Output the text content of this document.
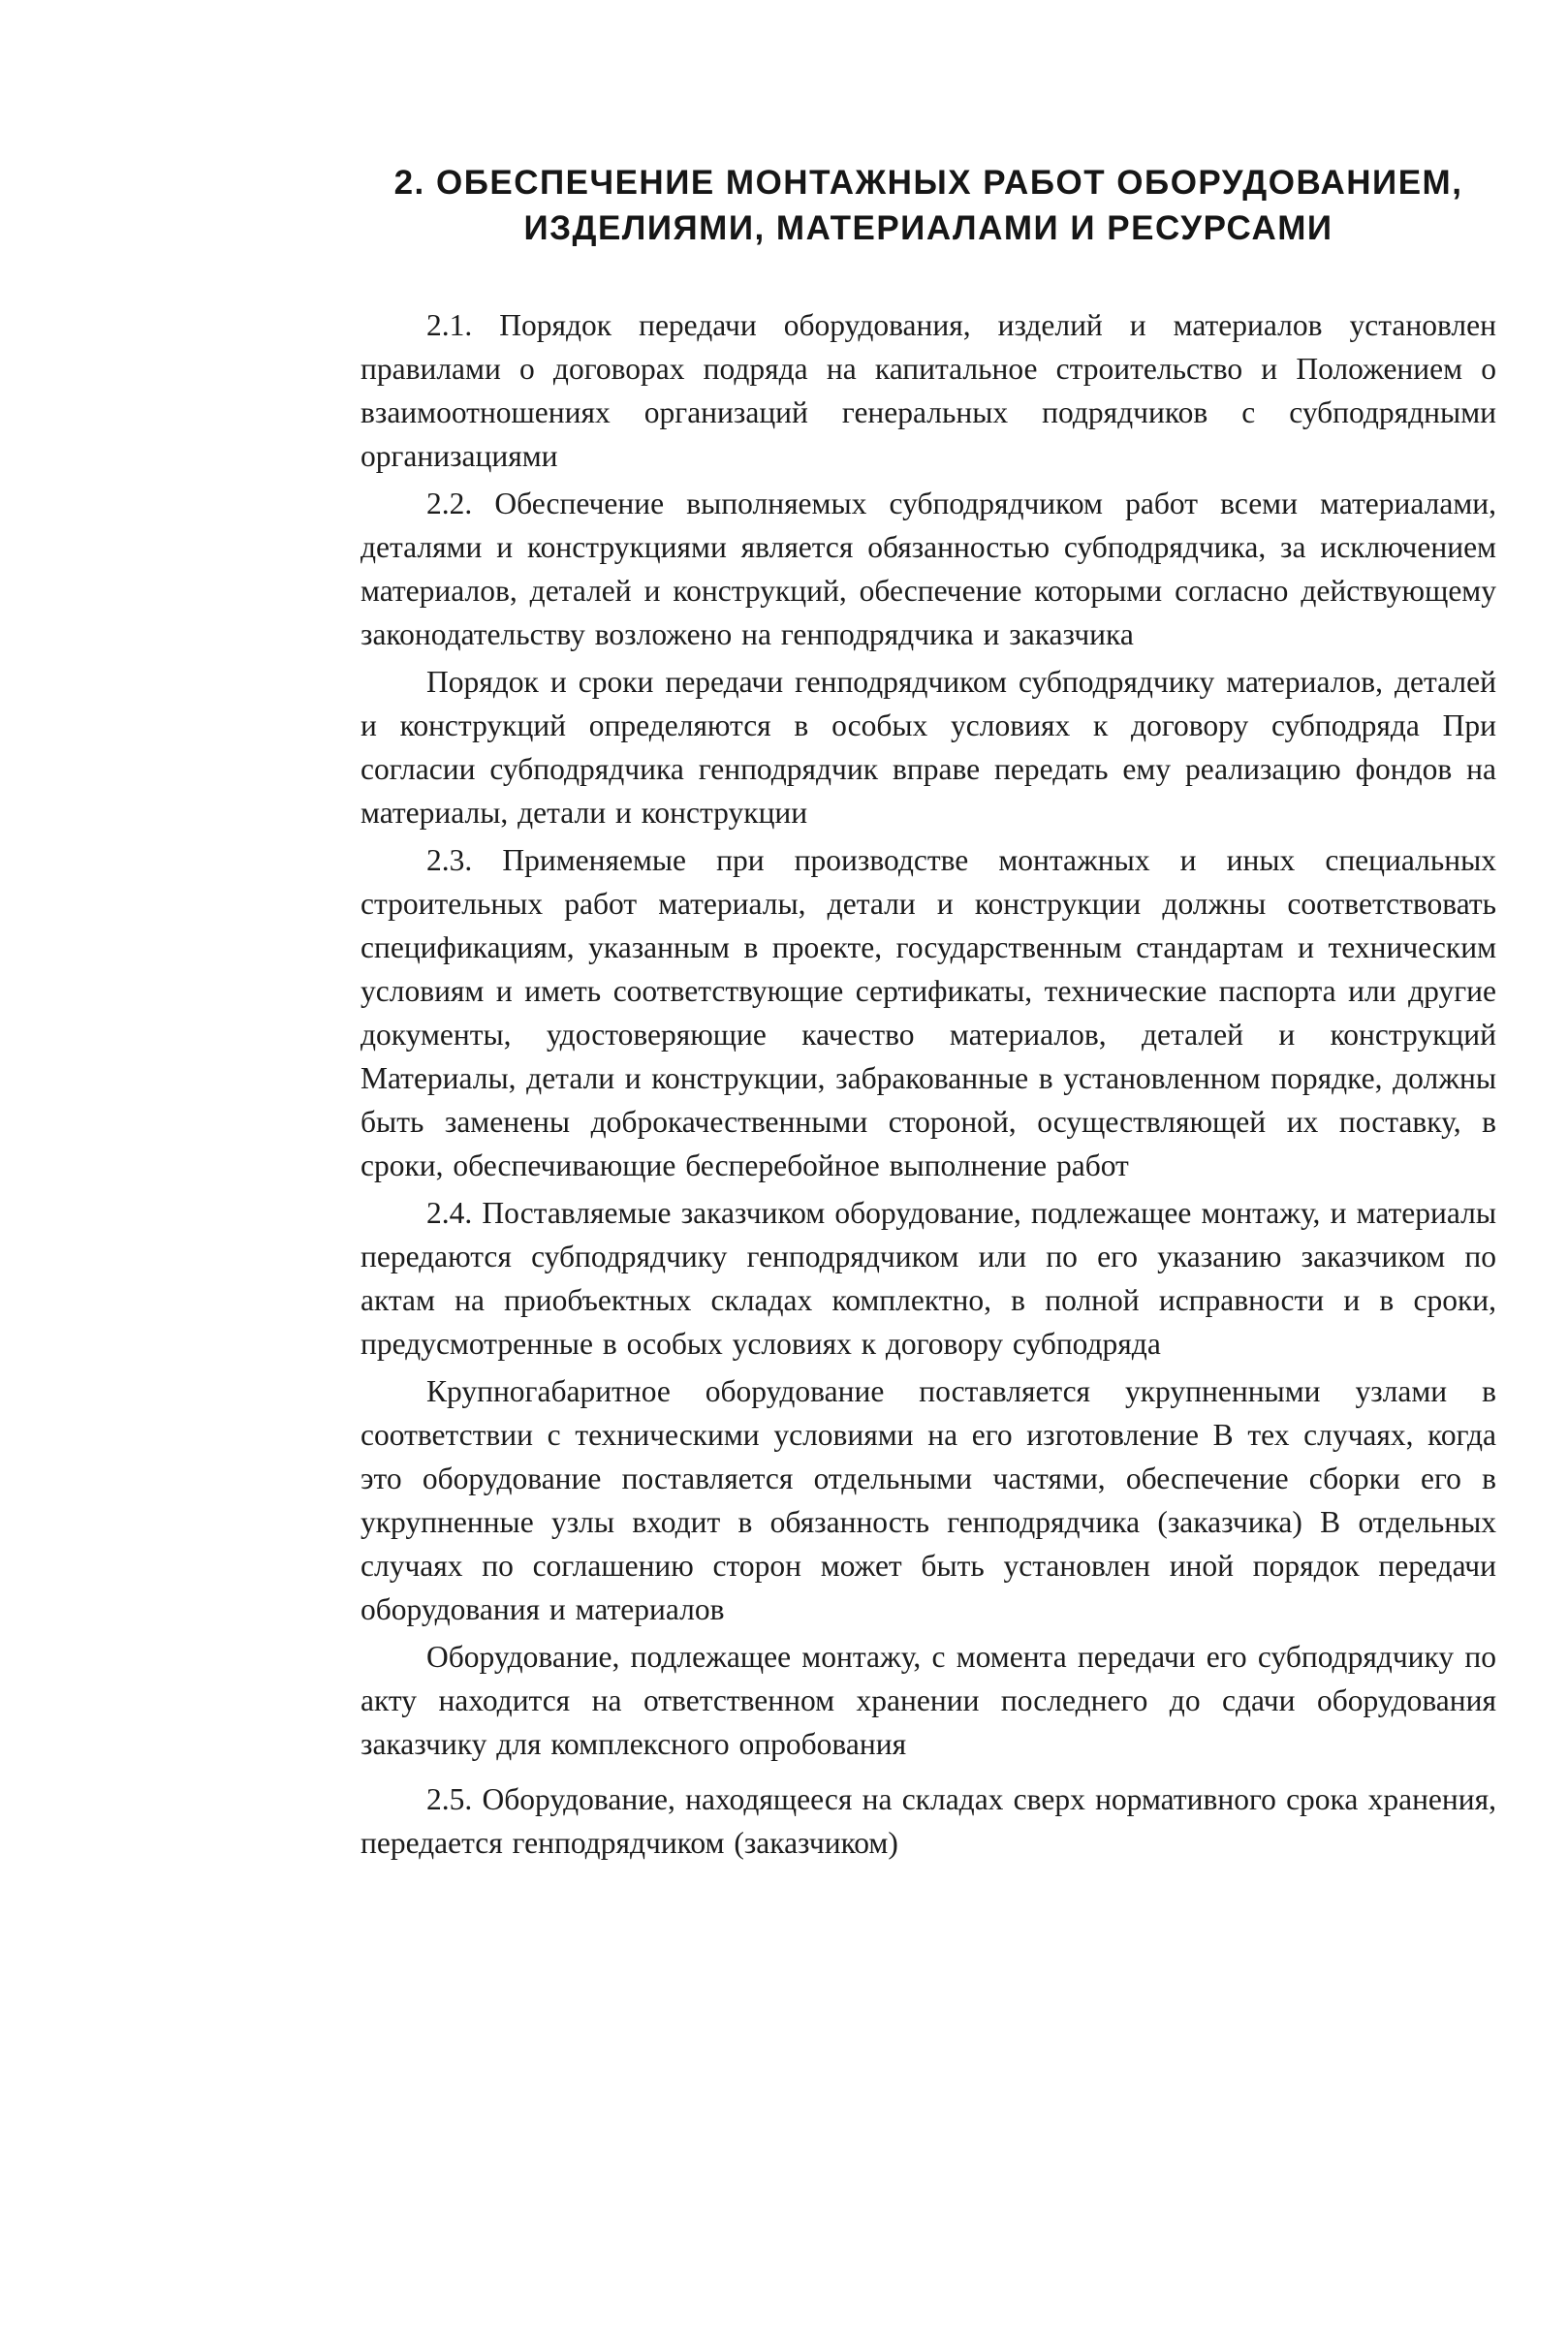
2. ОБЕСПЕЧЕНИЕ МОНТАЖНЫХ РАБОТ ОБОРУДОВАНИЕМ,
ИЗДЕЛИЯМИ, МАТЕРИАЛАМИ И РЕСУРСАМИ

2.1. Порядок передачи оборудования, изделий и материалов установлен правилами о договорах подряда на капитальное строительство и Положением о взаимоотношениях организаций генеральных подрядчиков с субподрядными организациями

2.2. Обеспечение выполняемых субподрядчиком работ всеми материалами, деталями и конструкциями является обязанностью субподрядчика, за исключением материалов, деталей и конструкций, обеспечение которыми согласно действующему законодательству возложено на генподрядчика и заказчика

Порядок и сроки передачи генподрядчиком субподрядчику материалов, деталей и конструкций определяются в особых условиях к договору субподряда При согласии субподрядчика генподрядчик вправе передать ему реализацию фондов на материалы, детали и конструкции

2.3. Применяемые при производстве монтажных и иных специальных строительных работ материалы, детали и конструкции должны соответствовать спецификациям, указанным в проекте, государственным стандартам и техническим условиям и иметь соответствующие сертификаты, технические паспорта или другие документы, удостоверяющие качество материалов, деталей и конструкций Материалы, детали и конструкции, забракованные в установленном порядке, должны быть заменены доброкачественными стороной, осуществляющей их поставку, в сроки, обеспечивающие бесперебойное выполнение работ

2.4. Поставляемые заказчиком оборудование, подлежащее монтажу, и материалы передаются субподрядчику генподрядчиком или по его указанию заказчиком по актам на приобъектных складах комплектно, в полной исправности и в сроки, предусмотренные в особых условиях к договору субподряда

Крупногабаритное оборудование поставляется укрупненными узлами в соответствии с техническими условиями на его изготовление В тех случаях, когда это оборудование поставляется отдельными частями, обеспечение сборки его в укрупненные узлы входит в обязанность генподрядчика (заказчика) В отдельных случаях по соглашению сторон может быть установлен иной порядок передачи оборудования и материалов

Оборудование, подлежащее монтажу, с момента передачи его субподрядчику по акту находится на ответственном хранении последнего до сдачи оборудования заказчику для комплексного опробования

2.5. Оборудование, находящееся на складах сверх нормативного срока хранения, передается генподрядчиком (заказчиком)
